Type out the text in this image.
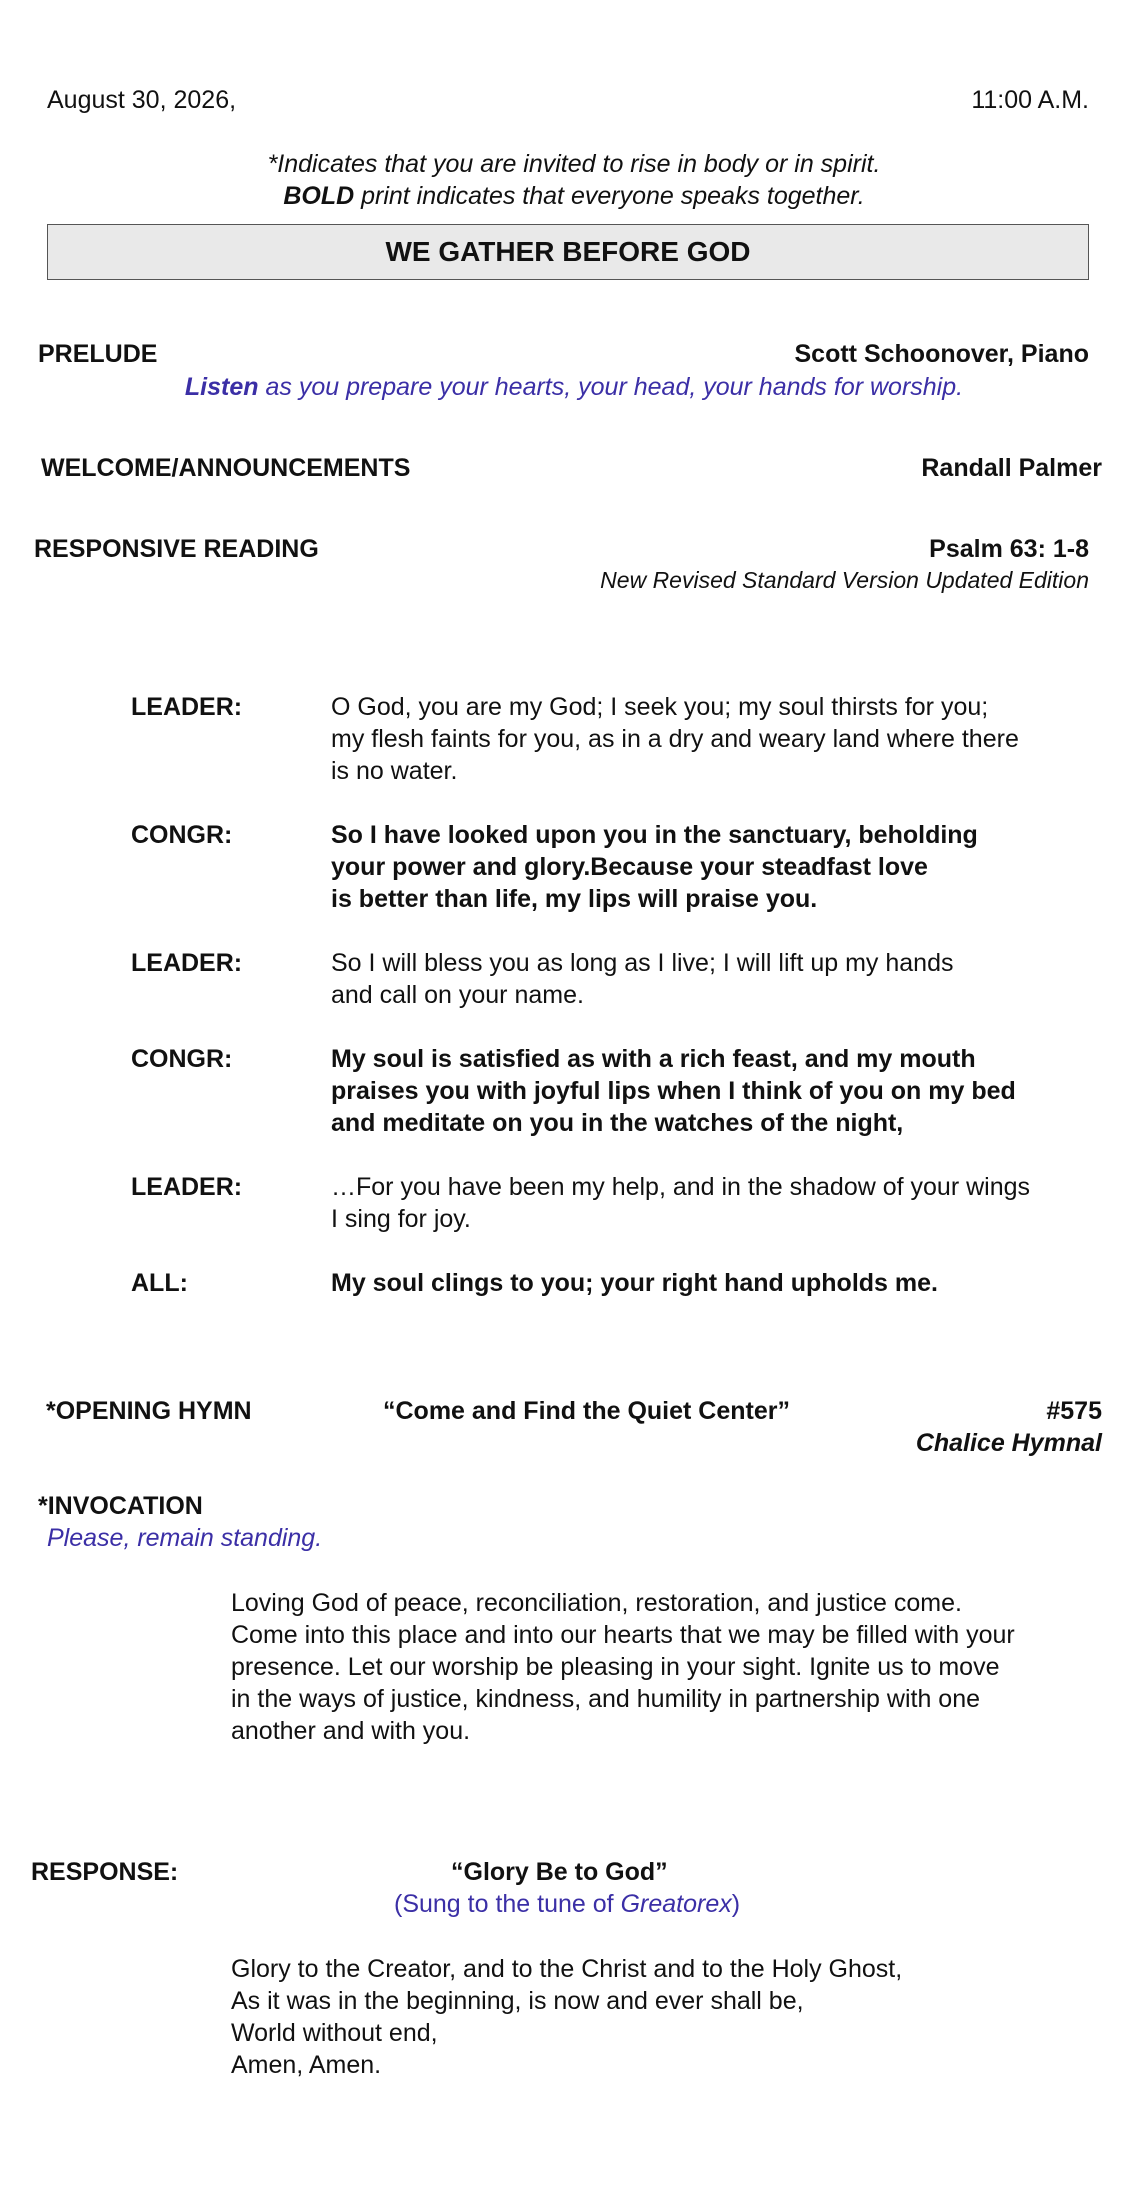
August 30, 2026,	11:00 A.M.
*Indicates that you are invited to rise in body or in spirit.
BOLD print indicates that everyone speaks together.
WE GATHER BEFORE GOD
PRELUDE	Scott Schoonover, Piano
Listen as you prepare your hearts, your head, your hands for worship.
WELCOME/ANNOUNCEMENTS	Randall Palmer
RESPONSIVE READING	Psalm 63: 1-8
New Revised Standard Version Updated Edition
LEADER:	O God, you are my God; I seek you; my soul thirsts for you;
my flesh faints for you, as in a dry and weary land where there
is no water.
CONGR:	So I have looked upon you in the sanctuary, beholding
your power and glory.Because your steadfast love
is better than life, my lips will praise you.
LEADER:	So I will bless you as long as I live; I will lift up my hands
and call on your name.
CONGR:	My soul is satisfied as with a rich feast, and my mouth
praises you with joyful lips when I think of you on my bed
and meditate on you in the watches of the night,
LEADER:	…For you have been my help, and in the shadow of your wings
I sing for joy.
ALL:	My soul clings to you; your right hand upholds me.
*OPENING HYMN	“Come and Find the Quiet Center”	#575
Chalice Hymnal
*INVOCATION
Please, remain standing.
Loving God of peace, reconciliation, restoration, and justice come.
Come into this place and into our hearts that we may be filled with your
presence. Let our worship be pleasing in your sight. Ignite us to move
in the ways of justice, kindness, and humility in partnership with one
another and with you.
RESPONSE:	“Glory Be to God”
(Sung to the tune of Greatorex)
Glory to the Creator, and to the Christ and to the Holy Ghost,
As it was in the beginning, is now and ever shall be,
World without end,
Amen, Amen.
